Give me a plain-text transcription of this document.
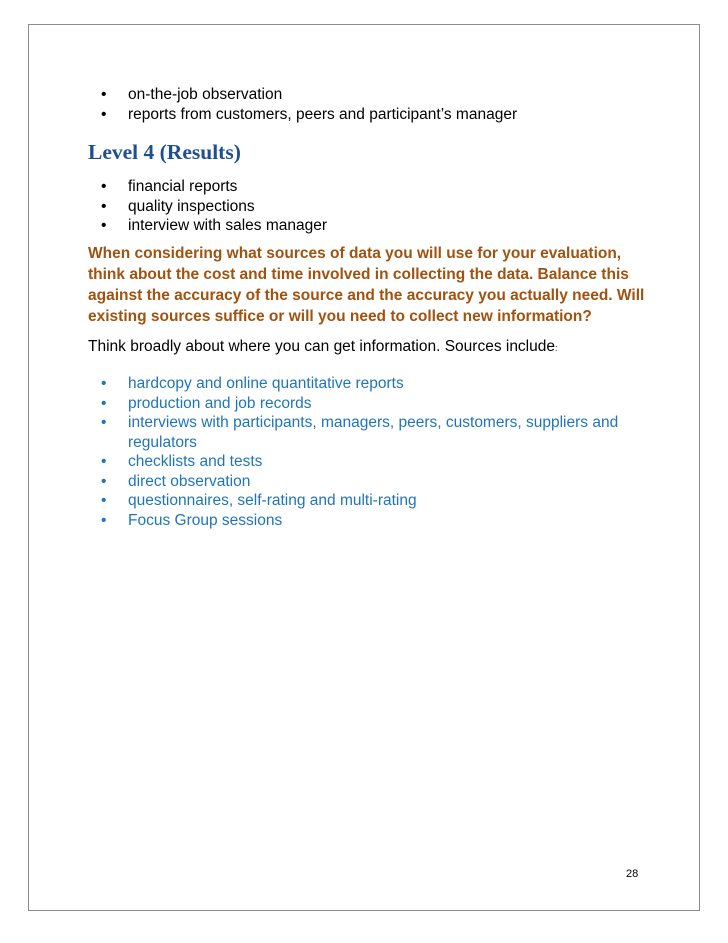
• on-the-job observation
• reports from customers, peers and participant’s manager
Level 4 (Results)
• financial reports
• quality inspections
• interview with sales manager

When considering what sources of data you will use for your evaluation, think about the cost and time involved in collecting the data. Balance this against the accuracy of the source and the accuracy you actually need. Will existing sources suffice or will you need to collect new information?

Think broadly about where you can get information. Sources include:

• hardcopy and online quantitative reports
• production and job records
• interviews with participants, managers, peers, customers, suppliers and regulators
• checklists and tests
• direct observation
• questionnaires, self-rating and multi-rating
• Focus Group sessions
28
